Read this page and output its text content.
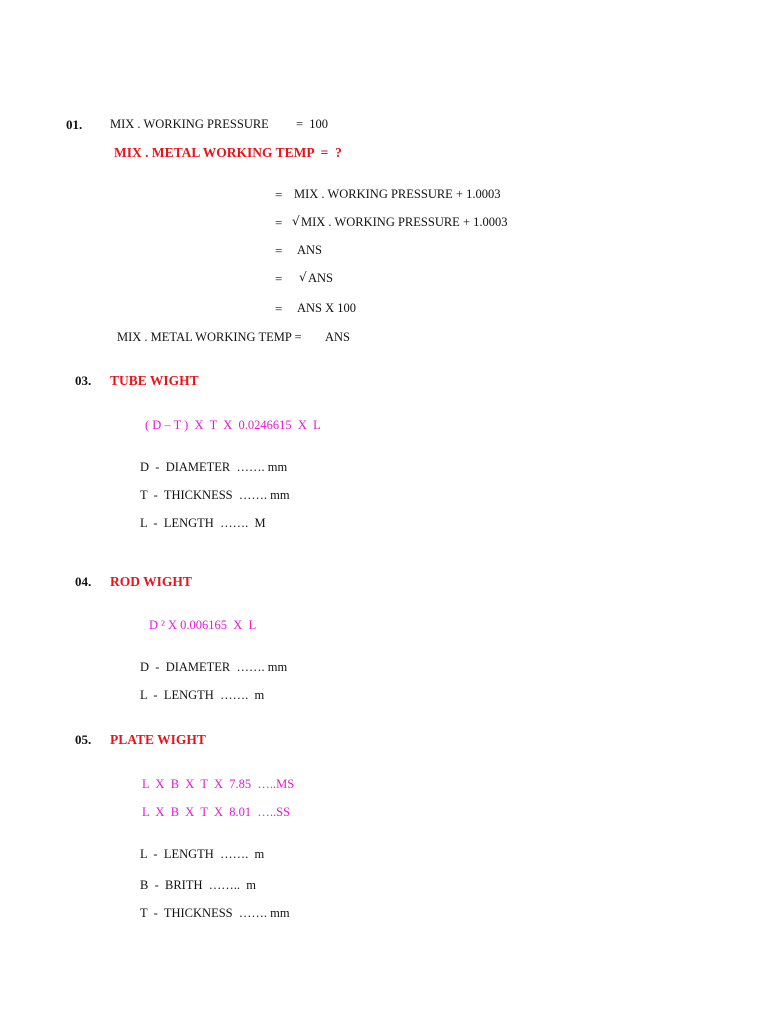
01. MIX . WORKING PRESSURE =  100
MIX . METAL WORKING TEMP  =  ?
= MIX . WORKING PRESSURE + 1.0003
= √ MIX . WORKING PRESSURE + 1.0003
= ANS
= √ ANS
= ANS X 100
MIX . METAL WORKING TEMP = ANS
03. TUBE WIGHT
( D – T )  X  T  X  0.0246615  X  L
D  -  DIAMETER  ……. mm
T  -  THICKNESS  ……. mm
L  -  LENGTH  …….  M
04. ROD WIGHT
D ² X 0.006165  X  L
D  -  DIAMETER  ……. mm
L  -  LENGTH  …….  m
05. PLATE WIGHT
L  X  B  X  T  X  7.85  …..MS
L  X  B  X  T  X  8.01  …..SS
L  -  LENGTH  …….  m
B  -  BRITH  ……..  m
T  -  THICKNESS  ……. mm
